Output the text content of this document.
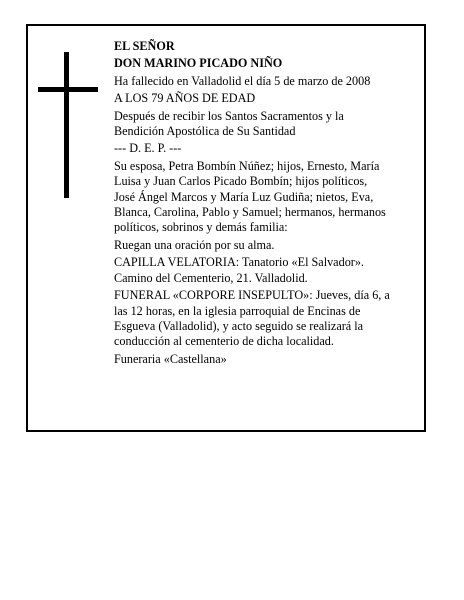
EL SEÑOR

DON MARINO PICADO NIÑO

Ha fallecido en Valladolid el día 5 de marzo de 2008

A LOS 79 AÑOS DE EDAD

Después de recibir los Santos Sacramentos y la

Bendición Apostólica de Su Santidad

--- D. E. P. ---

Su esposa, Petra Bombín Núñez; hijos, Ernesto, María

Luisa y Juan Carlos Picado Bombín; hijos políticos,

José Ángel Marcos y María Luz Gudiña; nietos, Eva,

Blanca, Carolina, Pablo y Samuel; hermanos, hermanos

políticos, sobrinos y demás familia:

Ruegan una oración por su alma.

CAPILLA VELATORIA: Tanatorio «El Salvador».

Camino del Cementerio, 21. Valladolid.

FUNERAL «CORPORE INSEPULTO»: Jueves, día 6, a

las 12 horas, en la iglesia parroquial de Encinas de

Esgueva (Valladolid), y acto seguido se realizará la

conducción al cementerio de dicha localidad.

Funeraria «Castellana»
